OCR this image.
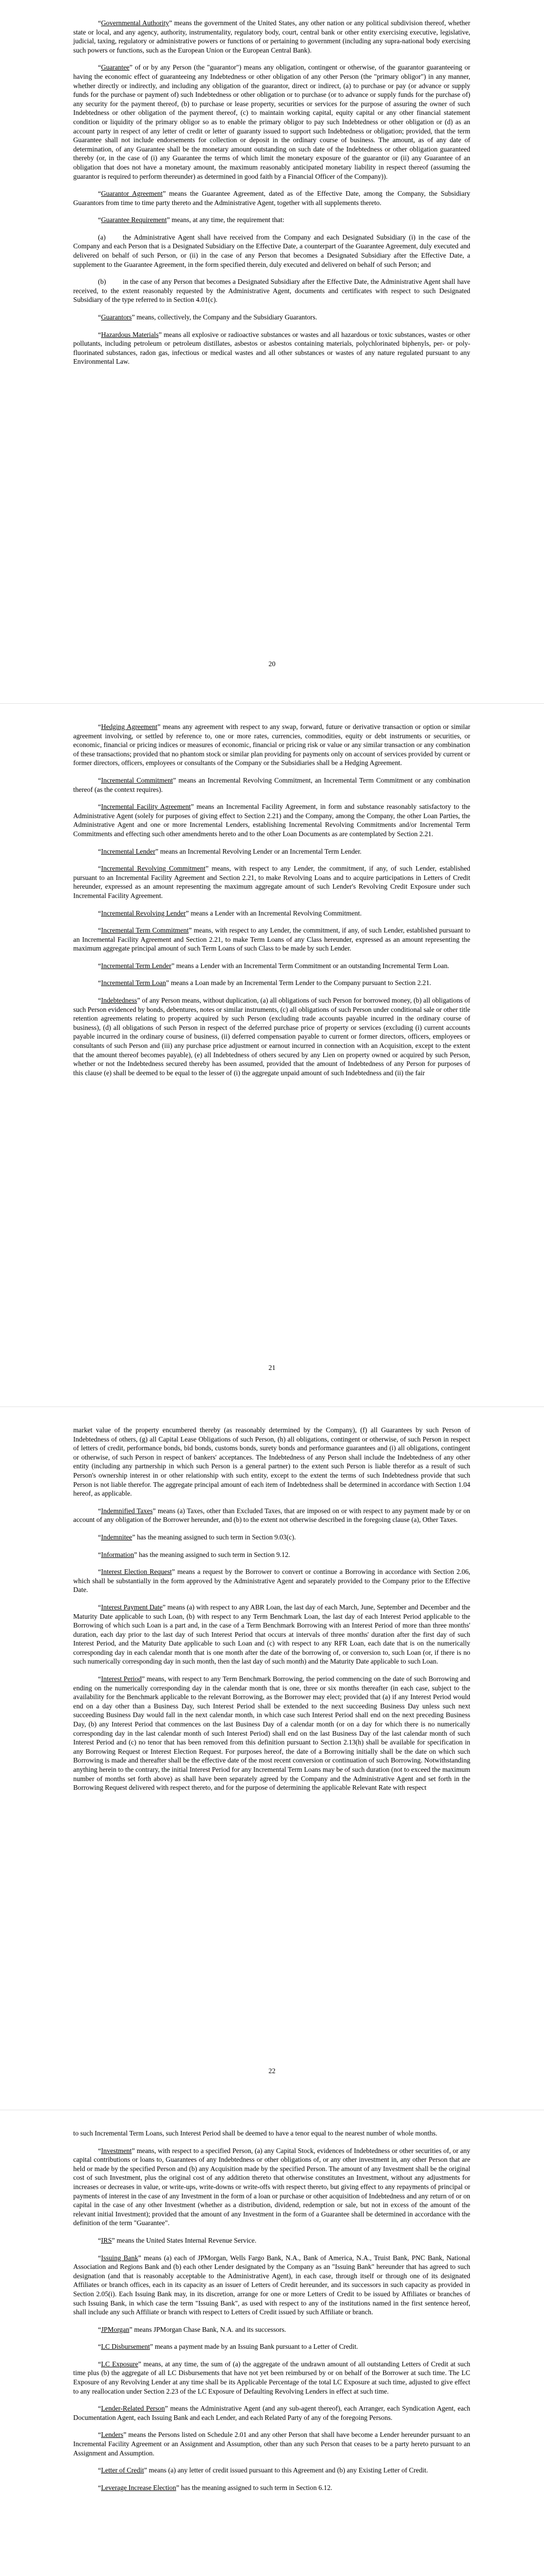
“Governmental Authority” means the government of the United States, any other nation or any political subdivision thereof, whether state or local, and any agency, authority, instrumentality, regulatory body, court, central bank or other entity exercising executive, legislative, judicial, taxing, regulatory or administrative powers or functions of or pertaining to government (including any supra-national body exercising such powers or functions, such as the European Union or the European Central Bank).

“Guarantee” of or by any Person (the "guarantor") means any obligation, contingent or otherwise, of the guarantor guaranteeing or having the economic effect of guaranteeing any Indebtedness or other obligation of any other Person (the "primary obligor") in any manner, whether directly or indirectly, and including any obligation of the guarantor, direct or indirect, (a) to purchase or pay (or advance or supply funds for the purchase or payment of) such Indebtedness or other obligation or to purchase (or to advance or supply funds for the purchase of) any security for the payment thereof, (b) to purchase or lease property, securities or services for the purpose of assuring the owner of such Indebtedness or other obligation of the payment thereof, (c) to maintain working capital, equity capital or any other financial statement condition or liquidity of the primary obligor so as to enable the primary obligor to pay such Indebtedness or other obligation or (d) as an account party in respect of any letter of credit or letter of guaranty issued to support such Indebtedness or obligation; provided, that the term Guarantee shall not include endorsements for collection or deposit in the ordinary course of business. The amount, as of any date of determination, of any Guarantee shall be the monetary amount outstanding on such date of the Indebtedness or other obligation guaranteed thereby (or, in the case of (i) any Guarantee the terms of which limit the monetary exposure of the guarantor or (ii) any Guarantee of an obligation that does not have a monetary amount, the maximum reasonably anticipated monetary liability in respect thereof (assuming the guarantor is required to perform thereunder) as determined in good faith by a Financial Officer of the Company)).

“Guarantor Agreement” means the Guarantee Agreement, dated as of the Effective Date, among the Company, the Subsidiary Guarantors from time to time party thereto and the Administrative Agent, together with all supplements thereto.

“Guarantee Requirement” means, at any time, the requirement that:

(a) the Administrative Agent shall have received from the Company and each Designated Subsidiary (i) in the case of the Company and each Person that is a Designated Subsidiary on the Effective Date, a counterpart of the Guarantee Agreement, duly executed and delivered on behalf of such Person, or (ii) in the case of any Person that becomes a Designated Subsidiary after the Effective Date, a supplement to the Guarantee Agreement, in the form specified therein, duly executed and delivered on behalf of such Person; and

(b) in the case of any Person that becomes a Designated Subsidiary after the Effective Date, the Administrative Agent shall have received, to the extent reasonably requested by the Administrative Agent, documents and certificates with respect to such Designated Subsidiary of the type referred to in Section 4.01(c).

“Guarantors” means, collectively, the Company and the Subsidiary Guarantors.

“Hazardous Materials” means all explosive or radioactive substances or wastes and all hazardous or toxic substances, wastes or other pollutants, including petroleum or petroleum distillates, asbestos or asbestos containing materials, polychlorinated biphenyls, per- or poly-fluorinated substances, radon gas, infectious or medical wastes and all other substances or wastes of any nature regulated pursuant to any Environmental Law.

20

“Hedging Agreement” means any agreement with respect to any swap, forward, future or derivative transaction or option or similar agreement involving, or settled by reference to, one or more rates, currencies, commodities, equity or debt instruments or securities, or economic, financial or pricing indices or measures of economic, financial or pricing risk or value or any similar transaction or any combination of these transactions; provided that no phantom stock or similar plan providing for payments only on account of services provided by current or former directors, officers, employees or consultants of the Company or the Subsidiaries shall be a Hedging Agreement.

“Incremental Commitment” means an Incremental Revolving Commitment, an Incremental Term Commitment or any combination thereof (as the context requires).

“Incremental Facility Agreement” means an Incremental Facility Agreement, in form and substance reasonably satisfactory to the Administrative Agent (solely for purposes of giving effect to Section 2.21) and the Company, among the Company, the other Loan Parties, the Administrative Agent and one or more Incremental Lenders, establishing Incremental Revolving Commitments and/or Incremental Term Commitments and effecting such other amendments hereto and to the other Loan Documents as are contemplated by Section 2.21.

“Incremental Lender” means an Incremental Revolving Lender or an Incremental Term Lender.

“Incremental Revolving Commitment” means, with respect to any Lender, the commitment, if any, of such Lender, established pursuant to an Incremental Facility Agreement and Section 2.21, to make Revolving Loans and to acquire participations in Letters of Credit hereunder, expressed as an amount representing the maximum aggregate amount of such Lender's Revolving Credit Exposure under such Incremental Facility Agreement.

“Incremental Revolving Lender” means a Lender with an Incremental Revolving Commitment.

“Incremental Term Commitment” means, with respect to any Lender, the commitment, if any, of such Lender, established pursuant to an Incremental Facility Agreement and Section 2.21, to make Term Loans of any Class hereunder, expressed as an amount representing the maximum aggregate principal amount of such Term Loans of such Class to be made by such Lender.

“Incremental Term Lender” means a Lender with an Incremental Term Commitment or an outstanding Incremental Term Loan.

“Incremental Term Loan” means a Loan made by an Incremental Term Lender to the Company pursuant to Section 2.21.

“Indebtedness” of any Person means, without duplication, (a) all obligations of such Person for borrowed money, (b) all obligations of such Person evidenced by bonds, debentures, notes or similar instruments, (c) all obligations of such Person under conditional sale or other title retention agreements relating to property acquired by such Person (excluding trade accounts payable incurred in the ordinary course of business), (d) all obligations of such Person in respect of the deferred purchase price of property or services (excluding (i) current accounts payable incurred in the ordinary course of business, (ii) deferred compensation payable to current or former directors, officers, employees or consultants of such Person and (iii) any purchase price adjustment or earnout incurred in connection with an Acquisition, except to the extent that the amount thereof becomes payable), (e) all Indebtedness of others secured by any Lien on property owned or acquired by such Person, whether or not the Indebtedness secured thereby has been assumed, provided that the amount of Indebtedness of any Person for purposes of this clause (e) shall be deemed to be equal to the lesser of (i) the aggregate unpaid amount of such Indebtedness and (ii) the fair

21

market value of the property encumbered thereby (as reasonably determined by the Company), (f) all Guarantees by such Person of Indebtedness of others, (g) all Capital Lease Obligations of such Person, (h) all obligations, contingent or otherwise, of such Person in respect of letters of credit, performance bonds, bid bonds, customs bonds, surety bonds and performance guarantees and (i) all obligations, contingent or otherwise, of such Person in respect of bankers' acceptances. The Indebtedness of any Person shall include the Indebtedness of any other entity (including any partnership in which such Person is a general partner) to the extent such Person is liable therefor as a result of such Person's ownership interest in or other relationship with such entity, except to the extent the terms of such Indebtedness provide that such Person is not liable therefor. The aggregate principal amount of each item of Indebtedness shall be determined in accordance with Section 1.04 hereof, as applicable.

“Indemnified Taxes” means (a) Taxes, other than Excluded Taxes, that are imposed on or with respect to any payment made by or on account of any obligation of the Borrower hereunder, and (b) to the extent not otherwise described in the foregoing clause (a), Other Taxes.

“Indemnitee” has the meaning assigned to such term in Section 9.03(c).

“Information” has the meaning assigned to such term in Section 9.12.

“Interest Election Request” means a request by the Borrower to convert or continue a Borrowing in accordance with Section 2.06, which shall be substantially in the form approved by the Administrative Agent and separately provided to the Company prior to the Effective Date.

“Interest Payment Date” means (a) with respect to any ABR Loan, the last day of each March, June, September and December and the Maturity Date applicable to such Loan, (b) with respect to any Term Benchmark Loan, the last day of each Interest Period applicable to the Borrowing of which such Loan is a part and, in the case of a Term Benchmark Borrowing with an Interest Period of more than three months' duration, each day prior to the last day of such Interest Period that occurs at intervals of three months' duration after the first day of such Interest Period, and the Maturity Date applicable to such Loan and (c) with respect to any RFR Loan, each date that is on the numerically corresponding day in each calendar month that is one month after the date of the borrowing of, or conversion to, such Loan (or, if there is no such numerically corresponding day in such month, then the last day of such month) and the Maturity Date applicable to such Loan.

“Interest Period” means, with respect to any Term Benchmark Borrowing, the period commencing on the date of such Borrowing and ending on the numerically corresponding day in the calendar month that is one, three or six months thereafter (in each case, subject to the availability for the Benchmark applicable to the relevant Borrowing, as the Borrower may elect; provided that (a) if any Interest Period would end on a day other than a Business Day, such Interest Period shall be extended to the next succeeding Business Day unless such next succeeding Business Day would fall in the next calendar month, in which case such Interest Period shall end on the next preceding Business Day, (b) any Interest Period that commences on the last Business Day of a calendar month (or on a day for which there is no numerically corresponding day in the last calendar month of such Interest Period) shall end on the last Business Day of the last calendar month of such Interest Period and (c) no tenor that has been removed from this definition pursuant to Section 2.13(h) shall be available for specification in any Borrowing Request or Interest Election Request. For purposes hereof, the date of a Borrowing initially shall be the date on which such Borrowing is made and thereafter shall be the effective date of the most recent conversion or continuation of such Borrowing. Notwithstanding anything herein to the contrary, the initial Interest Period for any Incremental Term Loans may be of such duration (not to exceed the maximum number of months set forth above) as shall have been separately agreed by the Company and the Administrative Agent and set forth in the Borrowing Request delivered with respect thereto, and for the purpose of determining the applicable Relevant Rate with respect

22

to such Incremental Term Loans, such Interest Period shall be deemed to have a tenor equal to the nearest number of whole months.

“Investment” means, with respect to a specified Person, (a) any Capital Stock, evidences of Indebtedness or other securities of, or any capital contributions or loans to, Guarantees of any Indebtedness or other obligations of, or any other investment in, any other Person that are held or made by the specified Person and (b) any Acquisition made by the specified Person. The amount of any Investment shall be the original cost of such Investment, plus the original cost of any addition thereto that otherwise constitutes an Investment, without any adjustments for increases or decreases in value, or write-ups, write-downs or write-offs with respect thereto, but giving effect to any repayments of principal or payments of interest in the case of any Investment in the form of a loan or purchase or other acquisition of Indebtedness and any return of or on capital in the case of any other Investment (whether as a distribution, dividend, redemption or sale, but not in excess of the amount of the relevant initial Investment); provided that the amount of any Investment in the form of a Guarantee shall be determined in accordance with the definition of the term "Guarantee".

“IRS” means the United States Internal Revenue Service.

“Issuing Bank” means (a) each of JPMorgan, Wells Fargo Bank, N.A., Bank of America, N.A., Truist Bank, PNC Bank, National Association and Regions Bank and (b) each other Lender designated by the Company as an "Issuing Bank" hereunder that has agreed to such designation (and that is reasonably acceptable to the Administrative Agent), in each case, through itself or through one of its designated Affiliates or branch offices, each in its capacity as an issuer of Letters of Credit hereunder, and its successors in such capacity as provided in Section 2.05(i). Each Issuing Bank may, in its discretion, arrange for one or more Letters of Credit to be issued by Affiliates or branches of such Issuing Bank, in which case the term "Issuing Bank", as used with respect to any of the institutions named in the first sentence hereof, shall include any such Affiliate or branch with respect to Letters of Credit issued by such Affiliate or branch.

“JPMorgan” means JPMorgan Chase Bank, N.A. and its successors.

“LC Disbursement” means a payment made by an Issuing Bank pursuant to a Letter of Credit.

“LC Exposure” means, at any time, the sum of (a) the aggregate of the undrawn amount of all outstanding Letters of Credit at such time plus (b) the aggregate of all LC Disbursements that have not yet been reimbursed by or on behalf of the Borrower at such time. The LC Exposure of any Revolving Lender at any time shall be its Applicable Percentage of the total LC Exposure at such time, adjusted to give effect to any reallocation under Section 2.23 of the LC Exposure of Defaulting Revolving Lenders in effect at such time.

“Lender-Related Person” means the Administrative Agent (and any sub-agent thereof), each Arranger, each Syndication Agent, each Documentation Agent, each Issuing Bank and each Lender, and each Related Party of any of the foregoing Persons.

“Lenders” means the Persons listed on Schedule 2.01 and any other Person that shall have become a Lender hereunder pursuant to an Incremental Facility Agreement or an Assignment and Assumption, other than any such Person that ceases to be a party hereto pursuant to an Assignment and Assumption.

“Letter of Credit” means (a) any letter of credit issued pursuant to this Agreement and (b) any Existing Letter of Credit.

“Leverage Increase Election” has the meaning assigned to such term in Section 6.12.
